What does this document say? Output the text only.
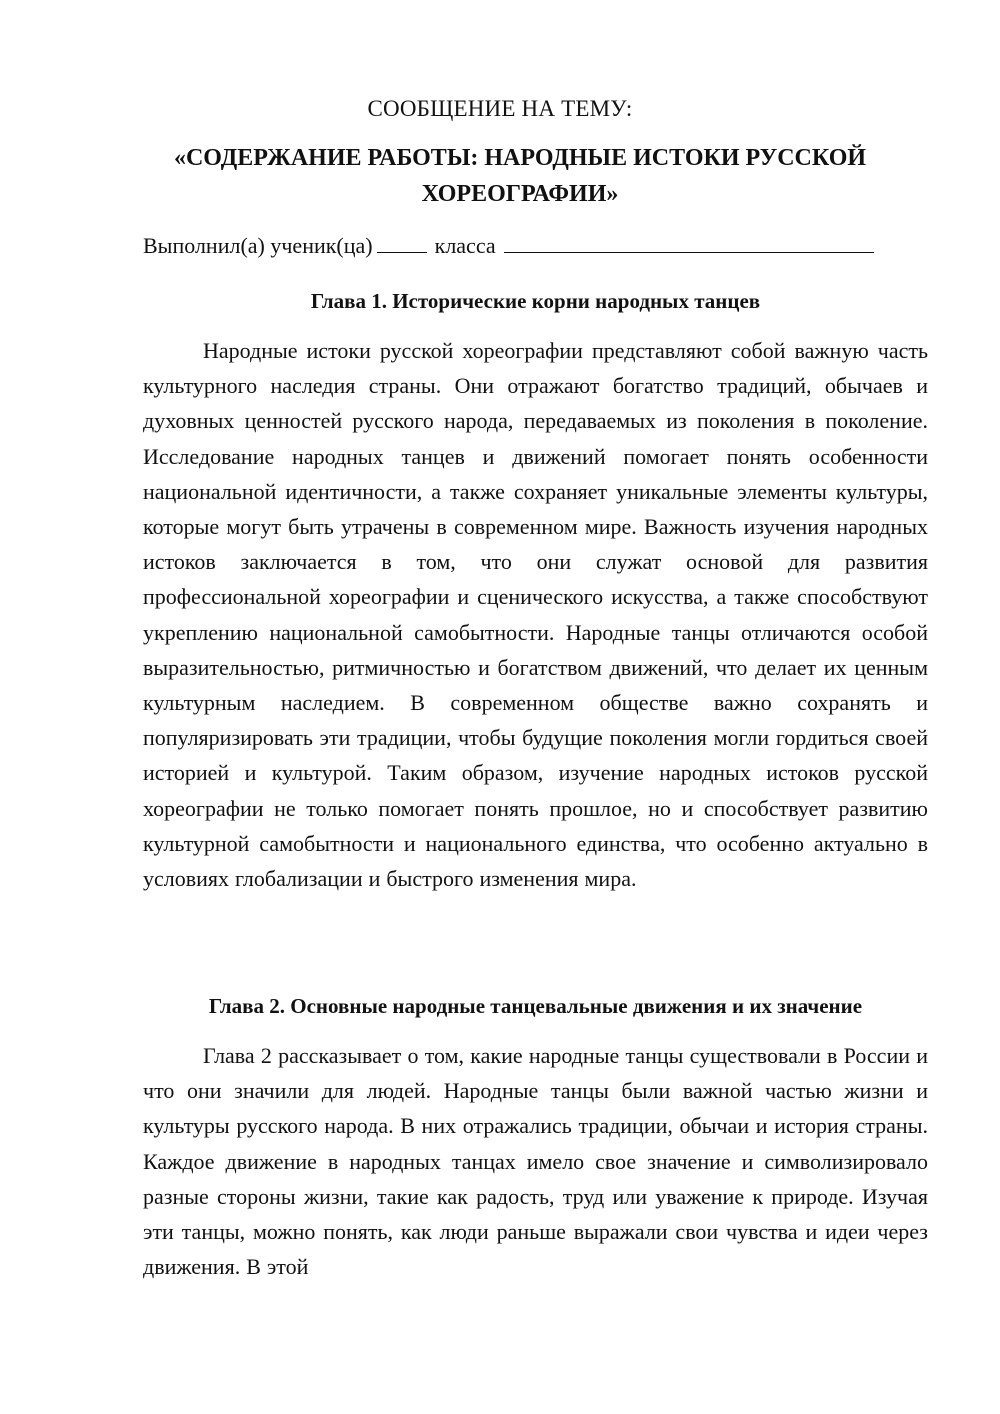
СООБЩЕНИЕ НА ТЕМУ:

«СОДЕРЖАНИЕ РАБОТЫ: НАРОДНЫЕ ИСТОКИ РУССКОЙ ХОРЕОГРАФИИ»
Выполнил(а) ученик(ца)	класса
Глава 1. Исторические корни народных танцев

Народные истоки русской хореографии представляют собой важную часть культурного наследия страны. Они отражают богатство традиций, обычаев и духовных ценностей русского народа, передаваемых из поколения в поколение. Исследование народных танцев и движений помогает понять особенности национальной идентичности, а также сохраняет уникальные элементы культуры, которые могут быть утрачены в современном мире. Важность изучения народных истоков заключается в том, что они служат основой для развития профессиональной хореографии и сценического искусства, а также способствуют укреплению национальной самобытности. Народные танцы отличаются особой выразительностью, ритмичностью и богатством движений, что делает их ценным культурным наследием. В современном обществе важно сохранять и популяризировать эти традиции, чтобы будущие поколения могли гордиться своей историей и культурой. Таким образом, изучение народных истоков русской хореографии не только помогает понять прошлое, но и способствует развитию культурной самобытности и национального единства, что особенно актуально в условиях глобализации и быстрого изменения мира.

Глава 2. Основные народные танцевальные движения и их значение

Глава 2 рассказывает о том, какие народные танцы существовали в России и что они значили для людей. Народные танцы были важной частью жизни и культуры русского народа. В них отражались традиции, обычаи и история страны. Каждое движение в народных танцах имело свое значение и символизировало разные стороны жизни, такие как радость, труд или уважение к природе. Изучая эти танцы, можно понять, как люди раньше выражали свои чувства и идеи через движения. В этой
